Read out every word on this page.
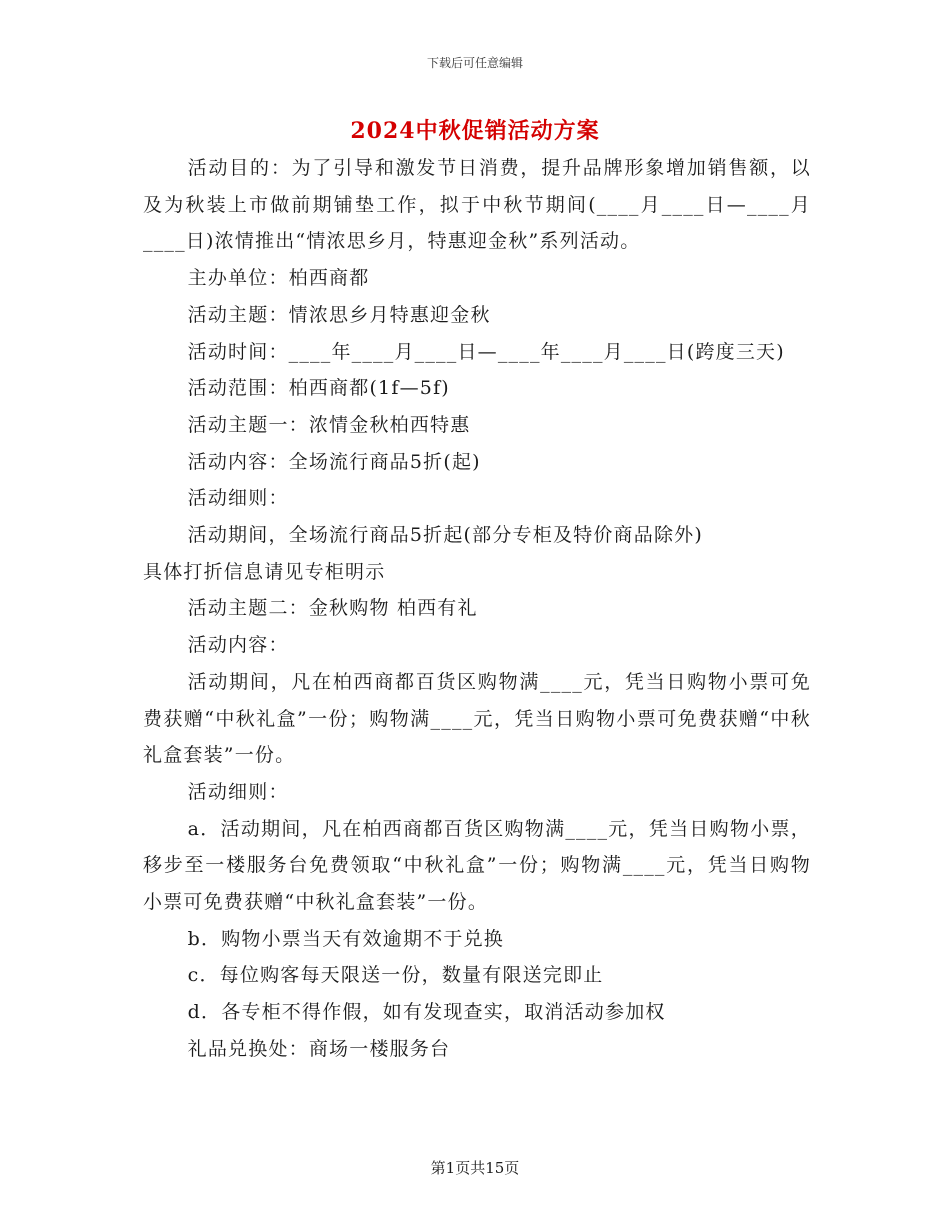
下载后可任意编辑
2024中秋促销活动方案

活动目的：为了引导和激发节日消费，提升品牌形象增加销售额，以及为秋装上市做前期铺垫工作，拟于中秋节期间(____月____日—____月____日)浓情推出“情浓思乡月，特惠迎金秋”系列活动。

主办单位：柏西商都

活动主题：情浓思乡月特惠迎金秋

活动时间：____年____月____日—____年____月____日(跨度三天)

活动范围：柏西商都(1f—5f)

活动主题一：浓情金秋柏西特惠

活动内容：全场流行商品5折(起)

活动细则：

活动期间，全场流行商品5折起(部分专柜及特价商品除外)

具体打折信息请见专柜明示

活动主题二：金秋购物 柏西有礼

活动内容：

活动期间，凡在柏西商都百货区购物满____元，凭当日购物小票可免费获赠“中秋礼盒”一份；购物满____元，凭当日购物小票可免费获赠“中秋礼盒套装”一份。

活动细则：

a．活动期间，凡在柏西商都百货区购物满____元，凭当日购物小票，移步至一楼服务台免费领取“中秋礼盒”一份；购物满____元，凭当日购物小票可免费获赠“中秋礼盒套装”一份。

b．购物小票当天有效逾期不于兑换

c．每位购客每天限送一份，数量有限送完即止

d．各专柜不得作假，如有发现查实，取消活动参加权

礼品兑换处：商场一楼服务台

第1页共15页
